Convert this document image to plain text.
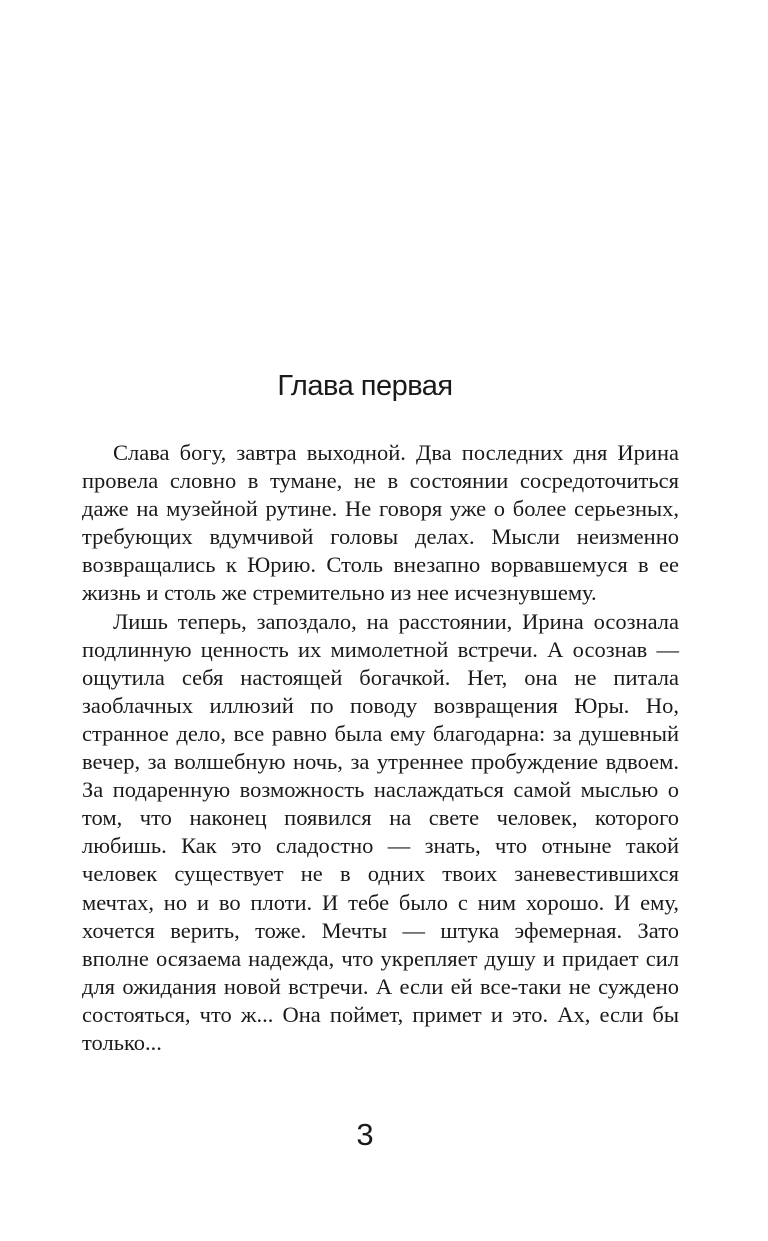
Глава первая

Слава богу, завтра выходной. Два последних дня Ирина провела словно в тумане, не в состоянии сосредоточиться даже на музейной рутине. Не говоря уже о более серьезных, требующих вдумчивой головы делах. Мысли неизменно возвращались к Юрию. Столь внезапно ворвавшемуся в ее жизнь и столь же стремительно из нее исчезнувшему.

Лишь теперь, запоздало, на расстоянии, Ирина осознала подлинную ценность их мимолетной встречи. А осознав — ощутила себя настоящей богачкой. Нет, она не питала заоблачных иллюзий по поводу возвращения Юры. Но, странное дело, все равно была ему благодарна: за душевный вечер, за волшебную ночь, за утреннее пробуждение вдвоем. За подаренную возможность наслаждаться самой мыслью о том, что наконец появился на свете человек, которого любишь. Как это сладостно — знать, что отныне такой человек существует не в одних твоих заневестившихся мечтах, но и во плоти. И тебе было с ним хорошо. И ему, хочется верить, тоже. Мечты — штука эфемерная. Зато вполне осязаема надежда, что укрепляет душу и придает сил для ожидания новой встречи. А если ей все-таки не суждено состояться, что ж... Она поймет, примет и это. Ах, если бы только...

3
